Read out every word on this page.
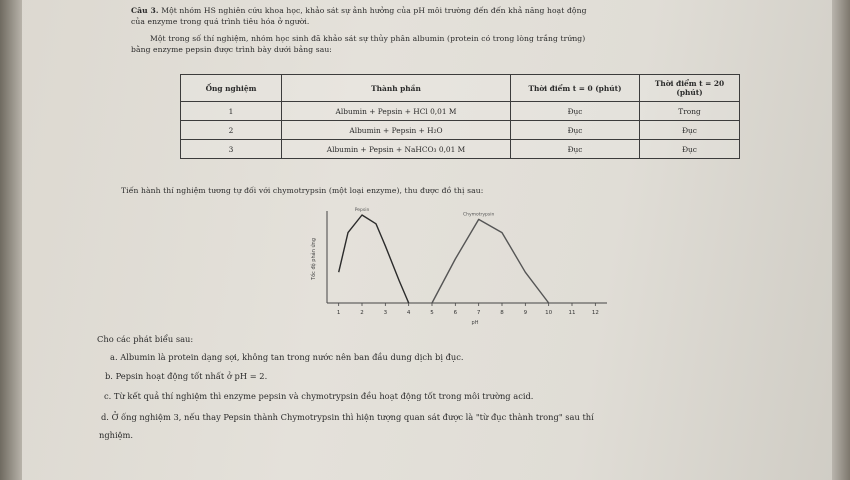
Câu 3. Một nhóm HS nghiên cứu khoa học, khảo sát sự ảnh hưởng của pH môi trường đến đến khả năng hoạt động
của enzyme trong quá trình tiêu hóa ở người.
Một trong số thí nghiệm, nhóm học sinh đã khảo sát sự thủy phân albumin (protein có trong lòng trắng trứng)
bằng enzyme pepsin được trình bày dưới bảng sau:
Ống nghiệm	Thành phần	Thời điểm t = 0 (phút)	Thời điểm t = 20 (phút)
1	Albumin + Pepsin + HCl 0,01 M	Đục	Trong
2	Albumin + Pepsin + H₂O	Đục	Đục
3	Albumin + Pepsin + NaHCO₃ 0,01 M	Đục	Đục
Tiến hành thí nghiệm tương tự đối với chymotrypsin (một loại enzyme), thu được đồ thị sau:
1	2	3	4	5	6	7	8	9	10	11	12
pH
Tốc độ phản ứng
Pepsin
Chymotrypsin
Cho các phát biểu sau:
a. Albumin là protein dạng sợi, không tan trong nước nên ban đầu dung dịch bị đục.
b. Pepsin hoạt động tốt nhất ở pH = 2.
c. Từ kết quả thí nghiệm thì enzyme pepsin và chymotrypsin đều hoạt động tốt trong môi trường acid.
d. Ở ống nghiệm 3, nếu thay Pepsin thành Chymotrypsin thì hiện tượng quan sát được là "từ đục thành trong" sau thí
nghiệm.
